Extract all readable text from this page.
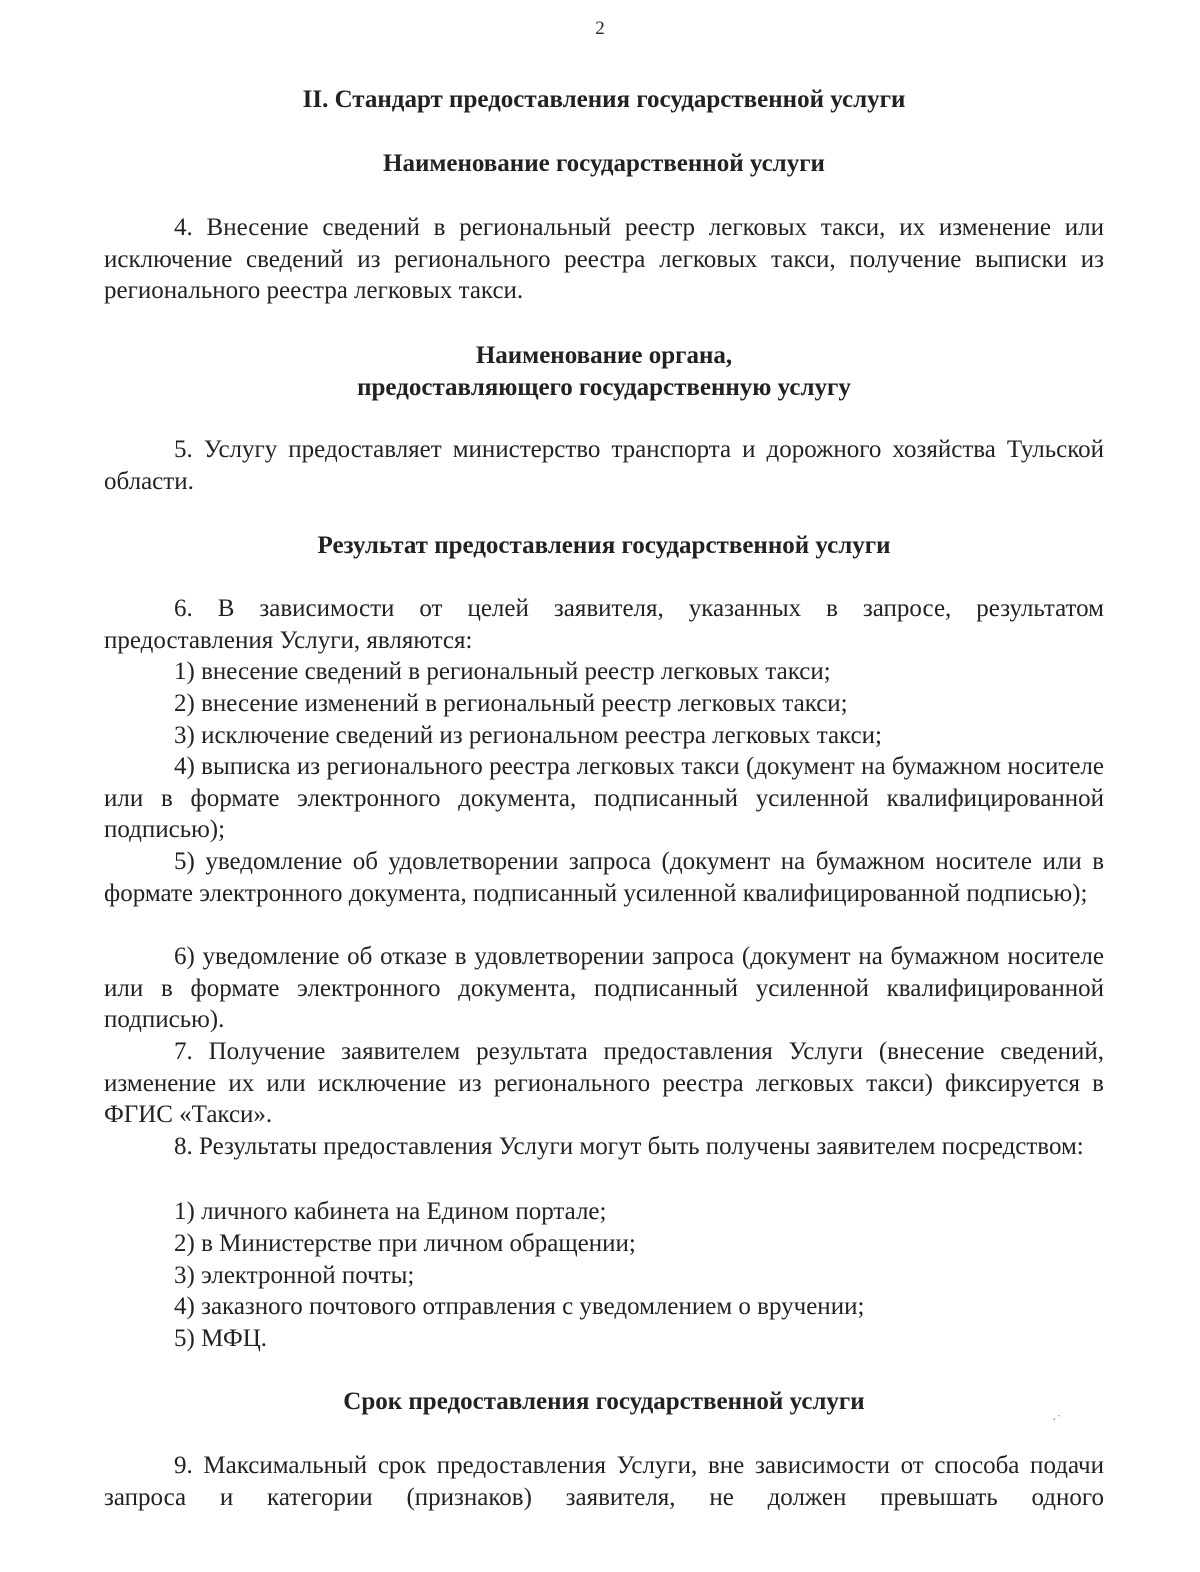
2
II. Стандарт предоставления государственной услуги
Наименование государственной услуги
4. Внесение сведений в региональный реестр легковых такси, их изменение или исключение сведений из регионального реестра легковых такси, получение выписки из регионального реестра легковых такси.
Наименование органа,
предоставляющего государственную услугу
5. Услугу предоставляет министерство транспорта и дорожного хозяйства Тульской области.
Результат предоставления государственной услуги
6. В зависимости от целей заявителя, указанных в запросе, результатом предоставления Услуги, являются:
1) внесение сведений в региональный реестр легковых такси;
2) внесение изменений в региональный реестр легковых такси;
3) исключение сведений из региональном реестра легковых такси;
4) выписка из регионального реестра легковых такси (документ на бумажном носителе или в формате электронного документа, подписанный усиленной квалифицированной подписью);
5) уведомление об удовлетворении запроса (документ на бумажном носителе или в формате электронного документа, подписанный усиленной квалифицированной подписью);
6) уведомление об отказе в удовлетворении запроса (документ на бумажном носителе или в формате электронного документа, подписанный усиленной квалифицированной подписью).
7. Получение заявителем результата предоставления Услуги (внесение сведений, изменение их или исключение из регионального реестра легковых такси) фиксируется в ФГИС «Такси».
8. Результаты предоставления Услуги могут быть получены заявителем посредством:
1) личного кабинета на Едином портале;
2) в Министерстве при личном обращении;
3) электронной почты;
4) заказного почтового отправления с уведомлением о вручении;
5) МФЦ.
Срок предоставления государственной услуги
9. Максимальный срок предоставления Услуги, вне зависимости от способа подачи запроса и категории (признаков) заявителя, не должен превышать одного
·˙
